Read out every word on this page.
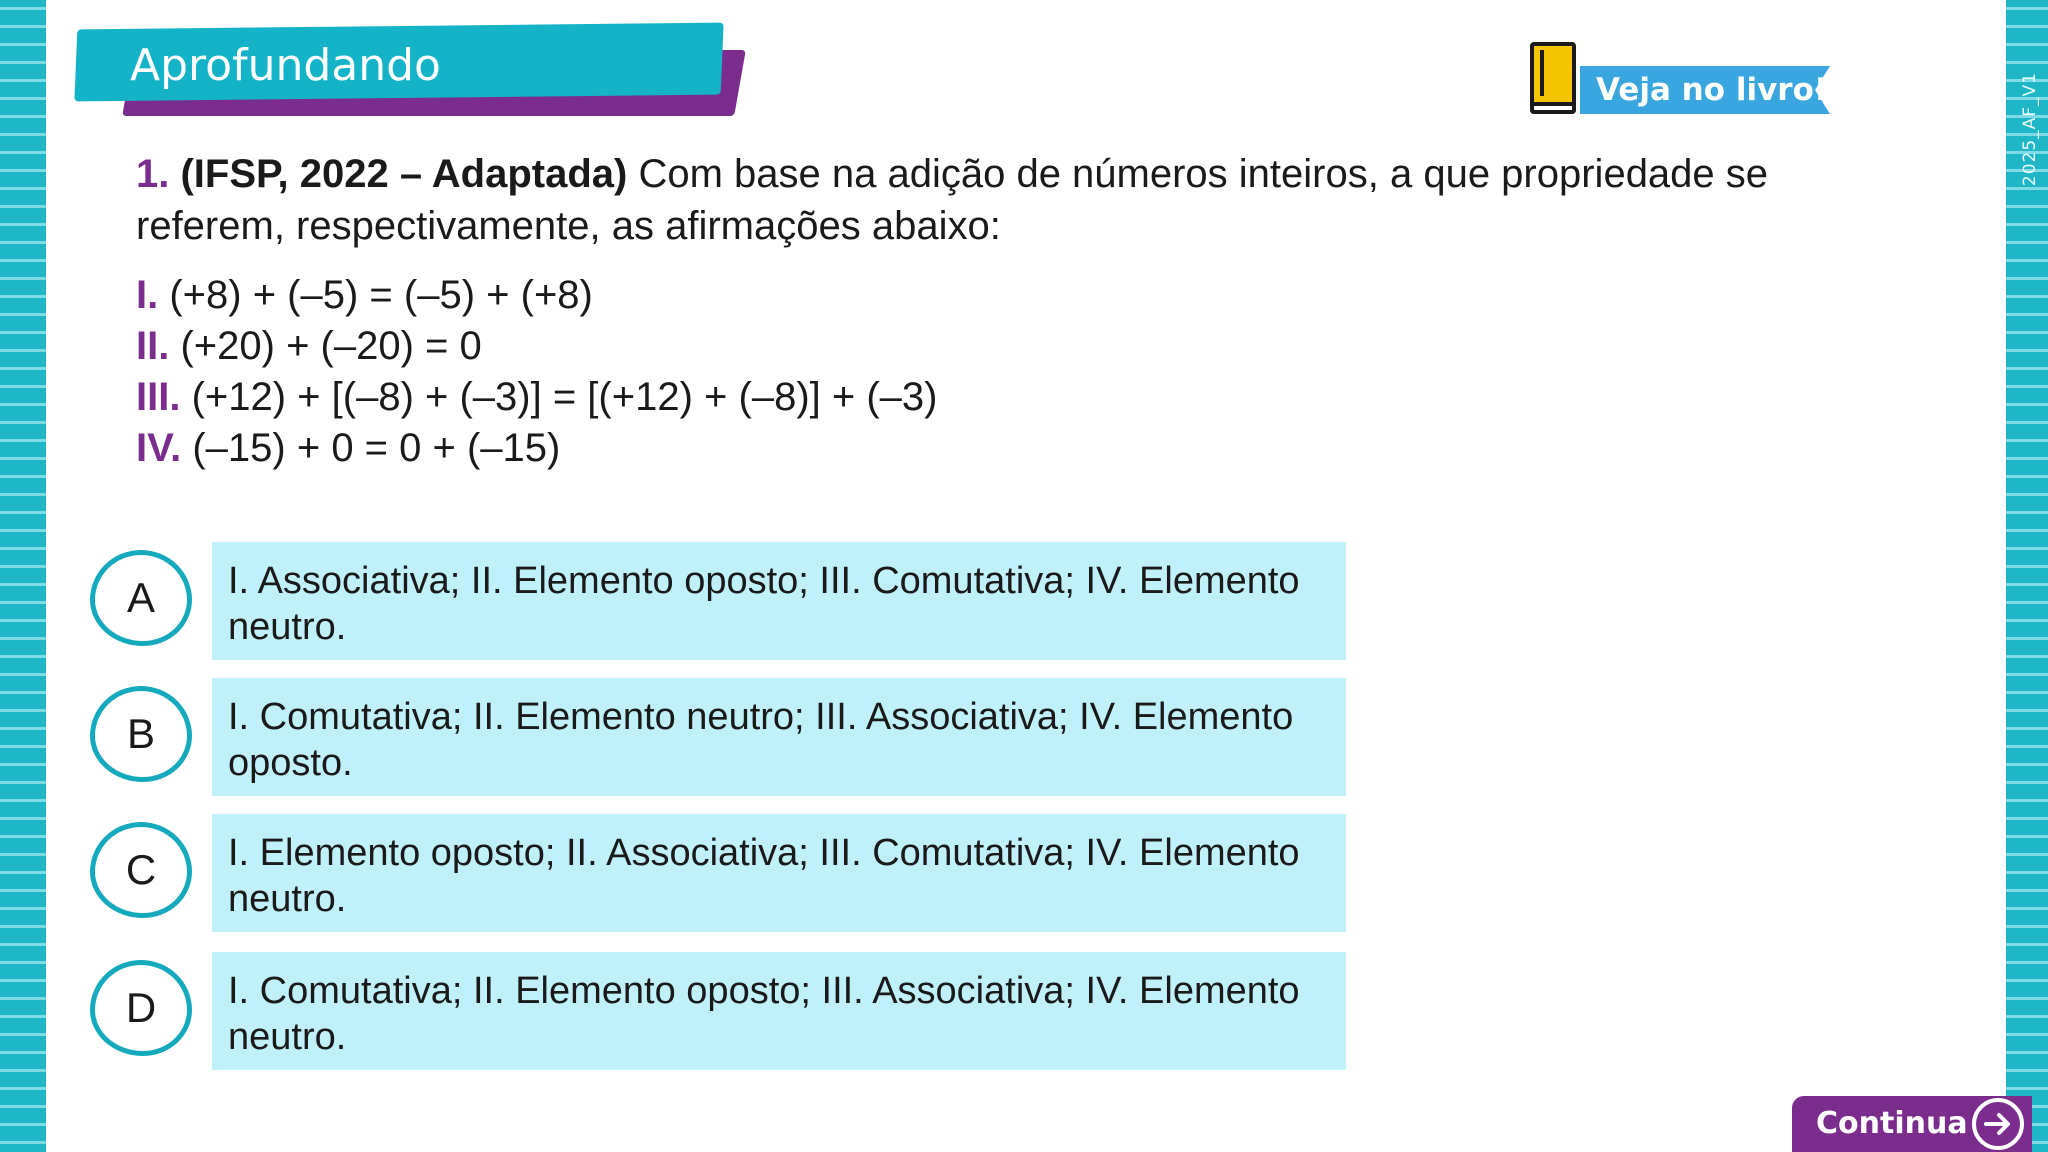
2025_AF_V1
Aprofundando	Veja no livro!
1. (IFSP, 2022 – Adaptada) Com base na adição de números inteiros, a que propriedade se referem, respectivamente, as afirmações abaixo:
I. (+8) + (–5) = (–5) + (+8)
II. (+20) + (–20) = 0
III. (+12) + [(–8) + (–3)] = [(+12) + (–8)] + (–3)
IV. (–15) + 0 = 0 + (–15)
A	I. Associativa; II. Elemento oposto; III. Comutativa; IV. Elemento neutro.
B	I. Comutativa; II. Elemento neutro; III. Associativa; IV. Elemento oposto.
C	I. Elemento oposto; II. Associativa; III. Comutativa; IV. Elemento neutro.
D	I. Comutativa; II. Elemento oposto; III. Associativa; IV. Elemento neutro.
Continua
